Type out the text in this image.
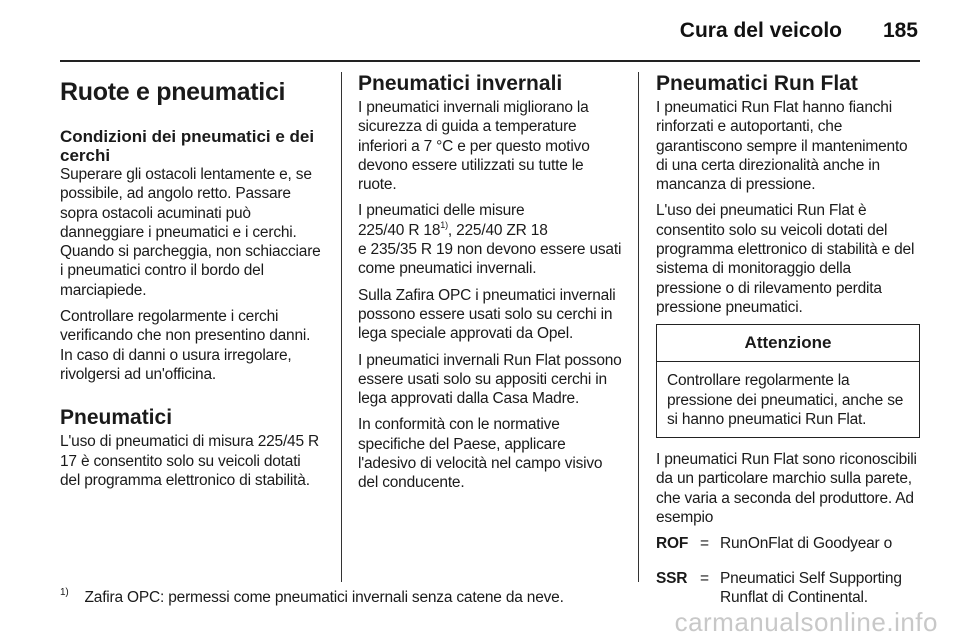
Cura del veicolo 185
Ruote e pneumatici
Condizioni dei pneumatici e dei
cerchi
Superare gli ostacoli lentamente e, se possibile, ad angolo retto. Passare sopra ostacoli acuminati può danneggiare i pneumatici e i cerchi. Quando si parcheggia, non schiacciare i pneumatici contro il bordo del marciapiede.
Controllare regolarmente i cerchi verificando che non presentino danni. In caso di danni o usura irregolare, rivolgersi ad un'officina.
Pneumatici
L'uso di pneumatici di misura 225/45 R 17 è consentito solo su veicoli dotati del programma elettronico di stabilità.
Pneumatici invernali
I pneumatici invernali migliorano la sicurezza di guida a temperature inferiori a 7 °C e per questo motivo devono essere utilizzati su tutte le ruote.
I pneumatici delle misure
225/40 R 18$^{1)}$, 225/40 ZR 18
e 235/35 R 19 non devono essere usati come pneumatici invernali.
Sulla Zafira OPC i pneumatici invernali possono essere usati solo su cerchi in lega speciale approvati da Opel.
I pneumatici invernali Run Flat possono essere usati solo su appositi cerchi in lega approvati dalla Casa Madre.
In conformità con le normative specifiche del Paese, applicare l'adesivo di velocità nel campo visivo del conducente.
Pneumatici Run Flat
I pneumatici Run Flat hanno fianchi rinforzati e autoportanti, che garantiscono sempre il mantenimento di una certa direzionalità anche in mancanza di pressione.
L'uso dei pneumatici Run Flat è consentito solo su veicoli dotati del programma elettronico di stabilità e del sistema di monitoraggio della pressione o di rilevamento perdita pressione pneumatici.
Attenzione
Controllare regolarmente la pressione dei pneumatici, anche se si hanno pneumatici Run Flat.
I pneumatici Run Flat sono riconoscibili da un particolare marchio sulla parete, che varia a seconda del produttore. Ad esempio
ROF = RunOnFlat di Goodyear o
SSR = Pneumatici Self Supporting Runflat di Continental.
$^{1)}$ Zafira OPC: permessi come pneumatici invernali senza catene da neve.
carmanualsonline.info
